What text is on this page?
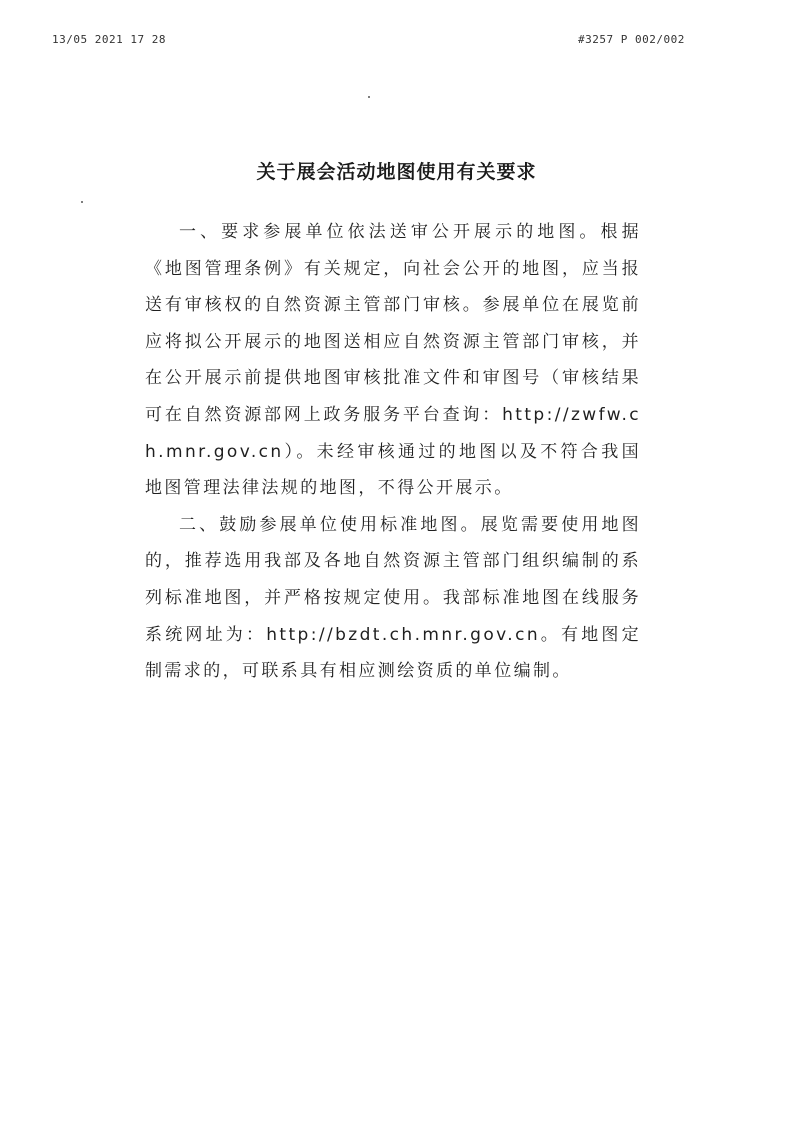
13/05 2021 17 28	#3257 P 002/002
关于展会活动地图使用有关要求

一、要求参展单位依法送审公开展示的地图。根据《地图管理条例》有关规定，向社会公开的地图，应当报送有审核权的自然资源主管部门审核。参展单位在展览前应将拟公开展示的地图送相应自然资源主管部门审核，并在公开展示前提供地图审核批准文件和审图号（审核结果可在自然资源部网上政务服务平台查询：http://zwfw.ch.mnr.gov.cn）。未经审核通过的地图以及不符合我国地图管理法律法规的地图，不得公开展示。

二、鼓励参展单位使用标准地图。展览需要使用地图的，推荐选用我部及各地自然资源主管部门组织编制的系列标准地图，并严格按规定使用。我部标准地图在线服务系统网址为：http://bzdt.ch.mnr.gov.cn。有地图定制需求的，可联系具有相应测绘资质的单位编制。
